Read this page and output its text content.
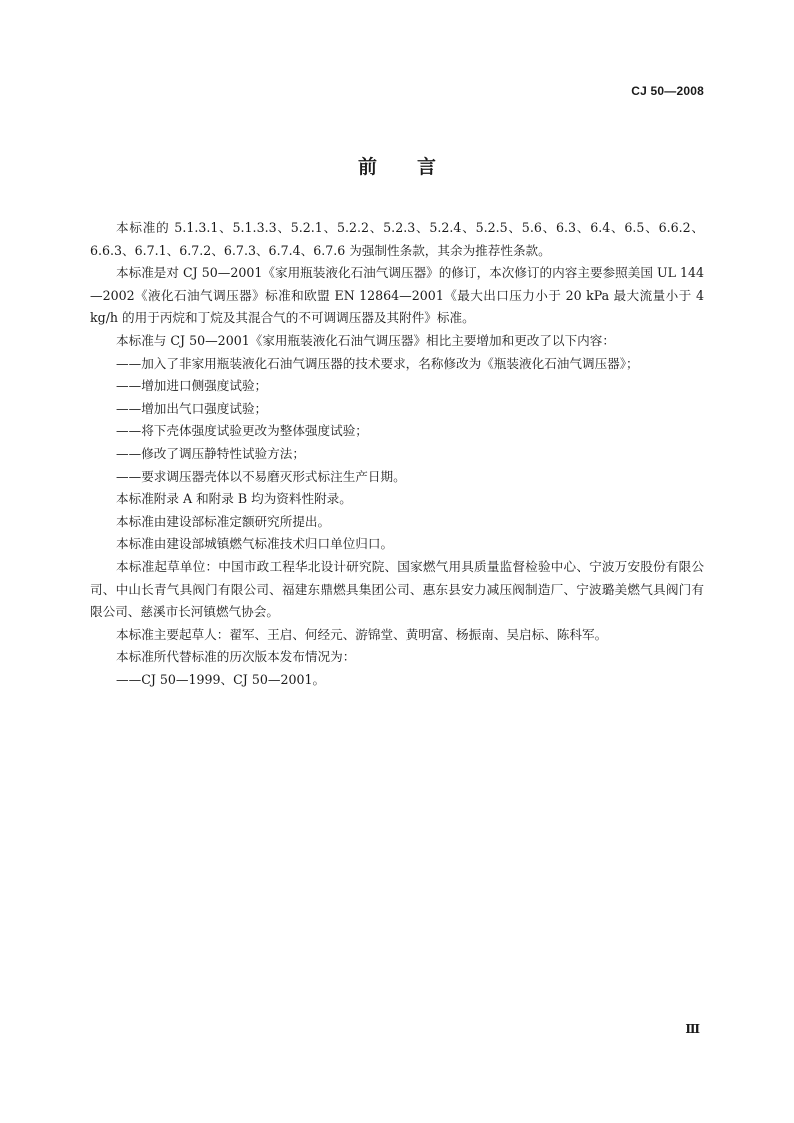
CJ 50—2008
前 言

本标准的 5.1.3.1、5.1.3.3、5.2.1、5.2.2、5.2.3、5.2.4、5.2.5、5.6、6.3、6.4、6.5、6.6.2、6.6.3、6.7.1、6.7.2、6.7.3、6.7.4、6.7.6 为强制性条款，其余为推荐性条款。

本标准是对 CJ 50—2001《家用瓶装液化石油气调压器》的修订，本次修订的内容主要参照美国 UL 144—2002《液化石油气调压器》标准和欧盟 EN 12864—2001《最大出口压力小于 20 kPa 最大流量小于 4 kg/h 的用于丙烷和丁烷及其混合气的不可调调压器及其附件》标准。

本标准与 CJ 50—2001《家用瓶装液化石油气调压器》相比主要增加和更改了以下内容：

——加入了非家用瓶装液化石油气调压器的技术要求，名称修改为《瓶装液化石油气调压器》；

——增加进口侧强度试验；

——增加出气口强度试验；

——将下壳体强度试验更改为整体强度试验；

——修改了调压静特性试验方法；

——要求调压器壳体以不易磨灭形式标注生产日期。

本标准附录 A 和附录 B 均为资料性附录。

本标准由建设部标准定额研究所提出。

本标准由建设部城镇燃气标准技术归口单位归口。

本标准起草单位：中国市政工程华北设计研究院、国家燃气用具质量监督检验中心、宁波万安股份有限公司、中山长青气具阀门有限公司、福建东鼎燃具集团公司、惠东县安力减压阀制造厂、宁波璐美燃气具阀门有限公司、慈溪市长河镇燃气协会。

本标准主要起草人：翟军、王启、何经元、游锦堂、黄明富、杨振南、吴启标、陈科军。

本标准所代替标准的历次版本发布情况为：

——CJ 50—1999、CJ 50—2001。

Ⅲ
